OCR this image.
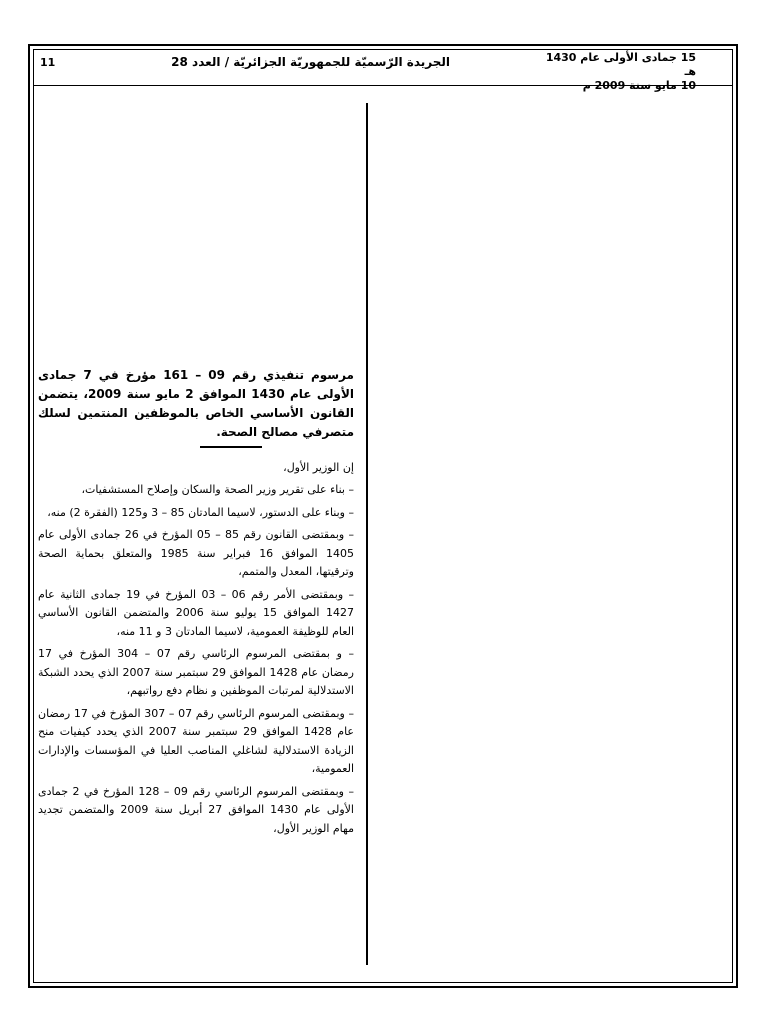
11	الجريدة الرّسميّة للجمهوريّة الجزائريّة / العدد 28	15 جمادى الأولى عام 1430 هـ
10 مايو سنة 2009 م

مرسوم تنفيذي رقم 09 – 161 مؤرخ في 7 جمادى الأولى عام 1430 الموافق 2 مايو سنة 2009، يتضمن القانون الأساسي الخاص بالموظفين المنتمين لسلك متصرفي مصالح الصحة.

إن الوزير الأول،

– بناء على تقرير وزير الصحة والسكان وإصلاح المستشفيات،

– وبناء على الدستور، لاسيما المادتان 85 – 3 و125 (الفقرة 2) منه،

– وبمقتضى القانون رقم 85 – 05 المؤرخ في 26 جمادى الأولى عام 1405 الموافق 16 فبراير سنة 1985 والمتعلق بحماية الصحة وترقيتها، المعدل والمتمم،

– وبمقتضى الأمر رقم 06 – 03 المؤرخ في 19 جمادى الثانية عام 1427 الموافق 15 يوليو سنة 2006 والمتضمن القانون الأساسي العام للوظيفة العمومية، لاسيما المادتان 3 و 11 منه،

– و بمقتضى المرسوم الرئاسي رقم 07 – 304 المؤرخ في 17 رمضان عام 1428 الموافق 29 سبتمبر سنة 2007 الذي يحدد الشبكة الاستدلالية لمرتبات الموظفين و نظام دفع رواتبهم،

– وبمقتضى المرسوم الرئاسي رقم 07 – 307 المؤرخ في 17 رمضان عام 1428 الموافق 29 سبتمبر سنة 2007 الذي يحدد كيفيات منح الزيادة الاستدلالية لشاغلي المناصب العليا في المؤسسات والإدارات العمومية،

– وبمقتضى المرسوم الرئاسي رقم 09 – 128 المؤرخ في 2 جمادى الأولى عام 1430 الموافق 27 أبريل سنة 2009 والمتضمن تجديد مهام الوزير الأول،
